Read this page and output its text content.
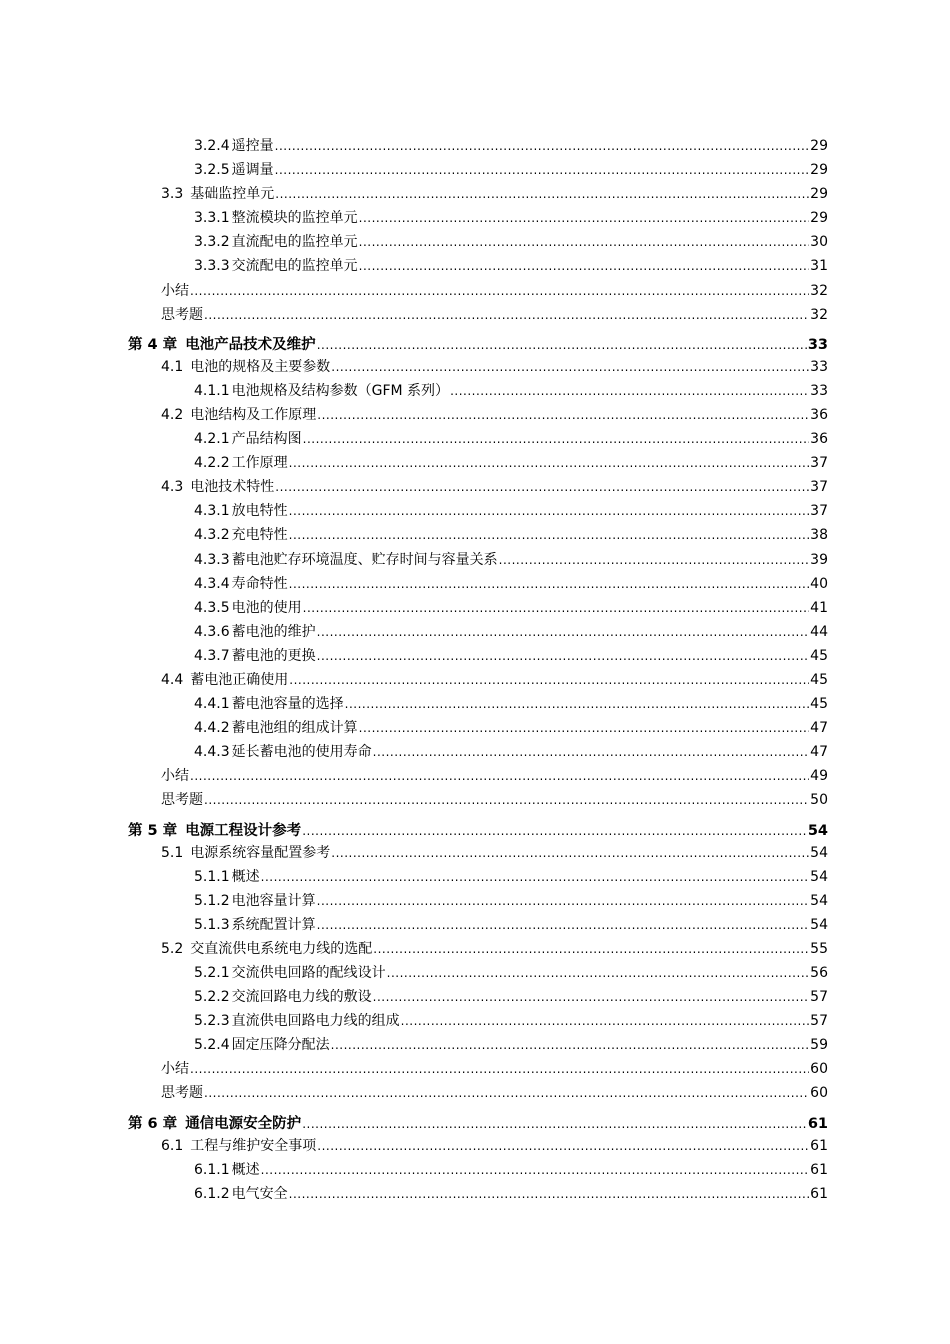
3.2.4 遥控量 .....	29
3.2.5 遥调量 .....	29
3.3 基础监控单元 .....	29
3.3.1 整流模块的监控单元 .....	29
3.3.2 直流配电的监控单元 .....	30
3.3.3 交流配电的监控单元 .....	31
小结 .....	32
思考题 .....	32
第 4 章 电池产品技术及维护 .....	33
4.1 电池的规格及主要参数 .....	33
4.1.1 电池规格及结构参数（GFM 系列） .....	33
4.2 电池结构及工作原理 .....	36
4.2.1 产品结构图 .....	36
4.2.2 工作原理 .....	37
4.3 电池技术特性 .....	37
4.3.1 放电特性 .....	37
4.3.2 充电特性 .....	38
4.3.3 蓄电池贮存环境温度、贮存时间与容量关系 .....	39
4.3.4 寿命特性 .....	40
4.3.5 电池的使用 .....	41
4.3.6 蓄电池的维护 .....	44
4.3.7 蓄电池的更换 .....	45
4.4 蓄电池正确使用 .....	45
4.4.1 蓄电池容量的选择 .....	45
4.4.2 蓄电池组的组成计算 .....	47
4.4.3 延长蓄电池的使用寿命 .....	47
小结 .....	49
思考题 .....	50
第 5 章 电源工程设计参考 .....	54
5.1 电源系统容量配置参考 .....	54
5.1.1 概述 .....	54
5.1.2 电池容量计算 .....	54
5.1.3 系统配置计算 .....	54
5.2 交直流供电系统电力线的选配 .....	55
5.2.1 交流供电回路的配线设计 .....	56
5.2.2 交流回路电力线的敷设 .....	57
5.2.3 直流供电回路电力线的组成 .....	57
5.2.4 固定压降分配法 .....	59
小结 .....	60
思考题 .....	60
第 6 章 通信电源安全防护 .....	61
6.1 工程与维护安全事项 .....	61
6.1.1 概述 .....	61
6.1.2 电气安全 .....	61
